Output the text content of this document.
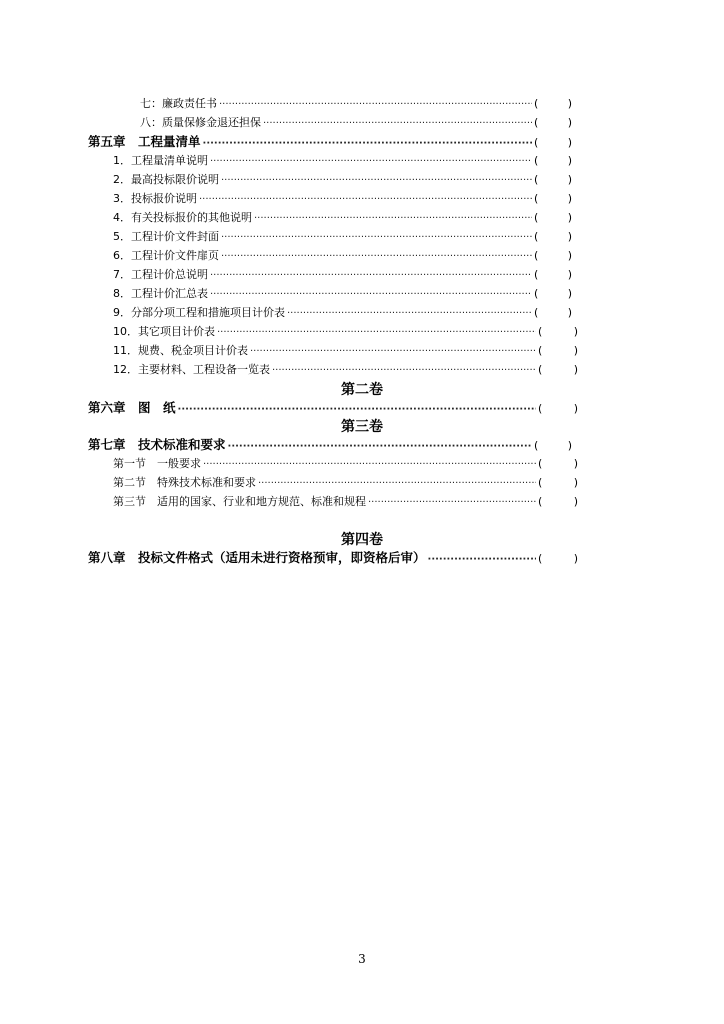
七：廉政责任书 ·····	(	)
八：质量保修金退还担保 ·····	(	)
第五章　工程量清单 ·····	(	)
1．工程量清单说明 ·····	(	)
2．最高投标限价说明 ·····	(	)
3．投标报价说明 ·····	(	)
4．有关投标报价的其他说明 ·····	(	)
5．工程计价文件封面 ·····	(	)
6．工程计价文件扉页 ·····	(	)
7．工程计价总说明 ·····	(	)
8．工程计价汇总表 ·····	(	)
9．分部分项工程和措施项目计价表 ·····	(	)
10．其它项目计价表 ·····	(	)
11．规费、税金项目计价表 ·····	(	)
12．主要材料、工程设备一览表 ·····	(	)
第二卷
第六章　图　纸 ·····	(	)
第三卷
第七章　技术标准和要求 ·····	(	)
第一节　一般要求 ·····	(	)
第二节　特殊技术标准和要求 ·····	(	)
第三节　适用的国家、行业和地方规范、标准和规程 ·····	(	)
第四卷
第八章　投标文件格式（适用未进行资格预审，即资格后审） ·····	(	)
3
